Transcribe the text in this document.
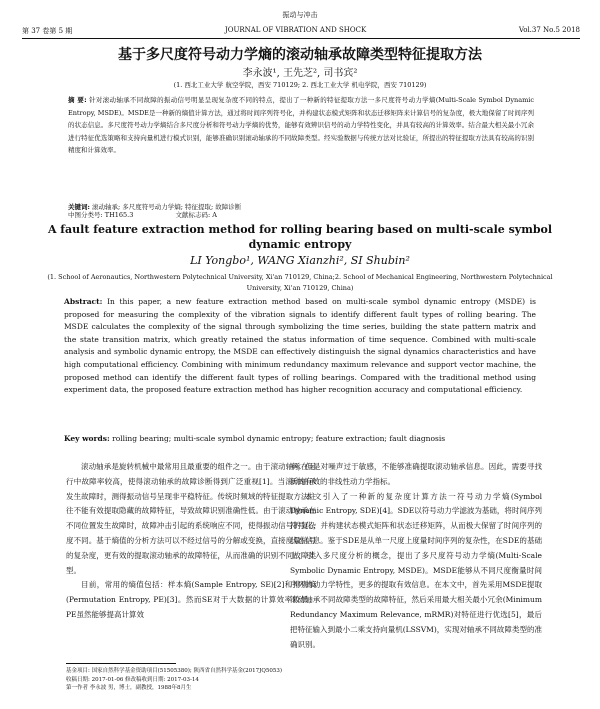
振动与冲击
第 37 卷第 5 期	JOURNAL OF VIBRATION AND SHOCK	Vol.37 No.5 2018
基于多尺度符号动力学熵的滚动轴承故障类型特征提取方法
李永波¹, 王先芝², 司书宾²
(1. 西北工业大学 航空学院，西安 710129; 2. 西北工业大学 机电学院，西安 710129)
摘 要: 针对滚动轴承不同故障的振动信号明显呈现复杂度不同的特点，提出了一种新的特征提取方法一多尺度符号动力学熵(Multi-Scale Symbol Dynamic Entropy, MSDE)。MSDE是一种新的熵值计算方法，通过将时间序列符号化，并构建状态模式矩阵和状态迁移矩阵来计算信号的复杂度，极大地保留了时间序列的状态信息。多尺度符号动力学熵结合多尺度分析和符号动力学熵的优势，能够有效辨识信号的动力学特性变化，并具有较高的计算效率。结合最大相关最小冗余进行特征优选策略和支持向量机进行模式识别，能够准确识别滚动轴承的不同故障类型。经实验数据与传统方法对比验证，所提出的特征提取方法具有较高的识别精度和计算效率。
关键词: 滚动轴承; 多尺度符号动力学熵; 特征提取; 故障诊断
中图分类号: TH165.3	文献标志码: A
A fault feature extraction method for rolling bearing based on multi-scale symbol dynamic entropy
LI Yongbo¹, WANG Xianzhi², SI Shubin²
(1. School of Aeronautics, Northwestern Polytechnical University, Xi'an 710129, China;2. School of Mechanical Engineering, Northwestern Polytechnical University, Xi'an 710129, China)
Abstract: In this paper, a new feature extraction method based on multi-scale symbol dynamic entropy (MSDE) is proposed for measuring the complexity of the vibration signals to identify different fault types of rolling bearing. The MSDE calculates the complexity of the signal through symbolizing the time series, building the state pattern matrix and the state transition matrix, which greatly retained the status information of time sequence. Combined with multi-scale analysis and symbolic dynamic entropy, the MSDE can effectively distinguish the signal dynamics characteristics and have high computational efficiency. Combining with minimum redundancy maximum relevance and support vector machine, the proposed method can identify the different fault types of rolling bearings. Compared with the traditional method using experiment data, the proposed feature extraction method has higher recognition accuracy and computational efficiency.
Key words: rolling bearing; multi-scale symbol dynamic entropy; feature extraction; fault diagnosis

滚动轴承是旋转机械中最常用且最重要的组件之一。由于滚动轴承在运行中故障率较高，使得滚动轴承的故障诊断得到广泛重视[1]。当滚动轴承发生故障时，测得振动信号呈现非平稳特征。传统时频域的特征提取方法往往不能有效提取隐藏的故障特征，导致故障识别准确性低。由于滚动轴承在不同位置发生故障时，故障冲击引起的系统响应不同，使得振动信号的复杂度不同。基于熵值的分析方法可以不经过信号的分解或变换，直接度量信号的复杂度，更有效的提取滚动轴承的故障特征，从而准确的识别不同故障类型。

目前，常用的熵值包括：样本熵(Sample Entropy, SE)[2]和排列熵(Permutation Entropy, PE)[3]。然而SE对于大数据的计算效率较低；PE虽然能够提高计算效

率，但是对噪声过于敏感，不能够准确提取滚动轴承信息。因此，需要寻找新的有效的非线性动力学指标。

本文引入了一种新的复杂度计算方法一符号动力学熵(Symbol Dynamic Entropy, SDE)[4]。SDE以符号动力学滤波为基础，将时间序列符号化，并构建状态模式矩阵和状态迁移矩阵，从而极大保留了时间序列的状态信息。鉴于SDE是从单一尺度上度量时间序列的复杂性，在SDE的基础上，引入多尺度分析的概念，提出了多尺度符号动力学熵(Multi-Scale Symbolic Dynamic Entropy, MSDE)。MSDE能够从不同尺度衡量时间序列的动力学特性，更多的提取有效信息。在本文中，首先采用MSDE提取滚动轴承不同故障类型的故障特征，然后采用最大相关最小冗余(Minimum Redundancy Maximum Relevance, mRMR)对特征进行优选[5]，最后把特征输入到最小二乘支持向量机(LSSVM)，实现对轴承不同故障类型的准确识别。

基金项目: 国家自然科学基金资助项目(51505380); 陕西省自然科学基金(2017JQ5053)
收稿日期: 2017-01-06 修改稿收到日期: 2017-03-14
第一作者 李永波 男，博士，副教授，1988年8月生
